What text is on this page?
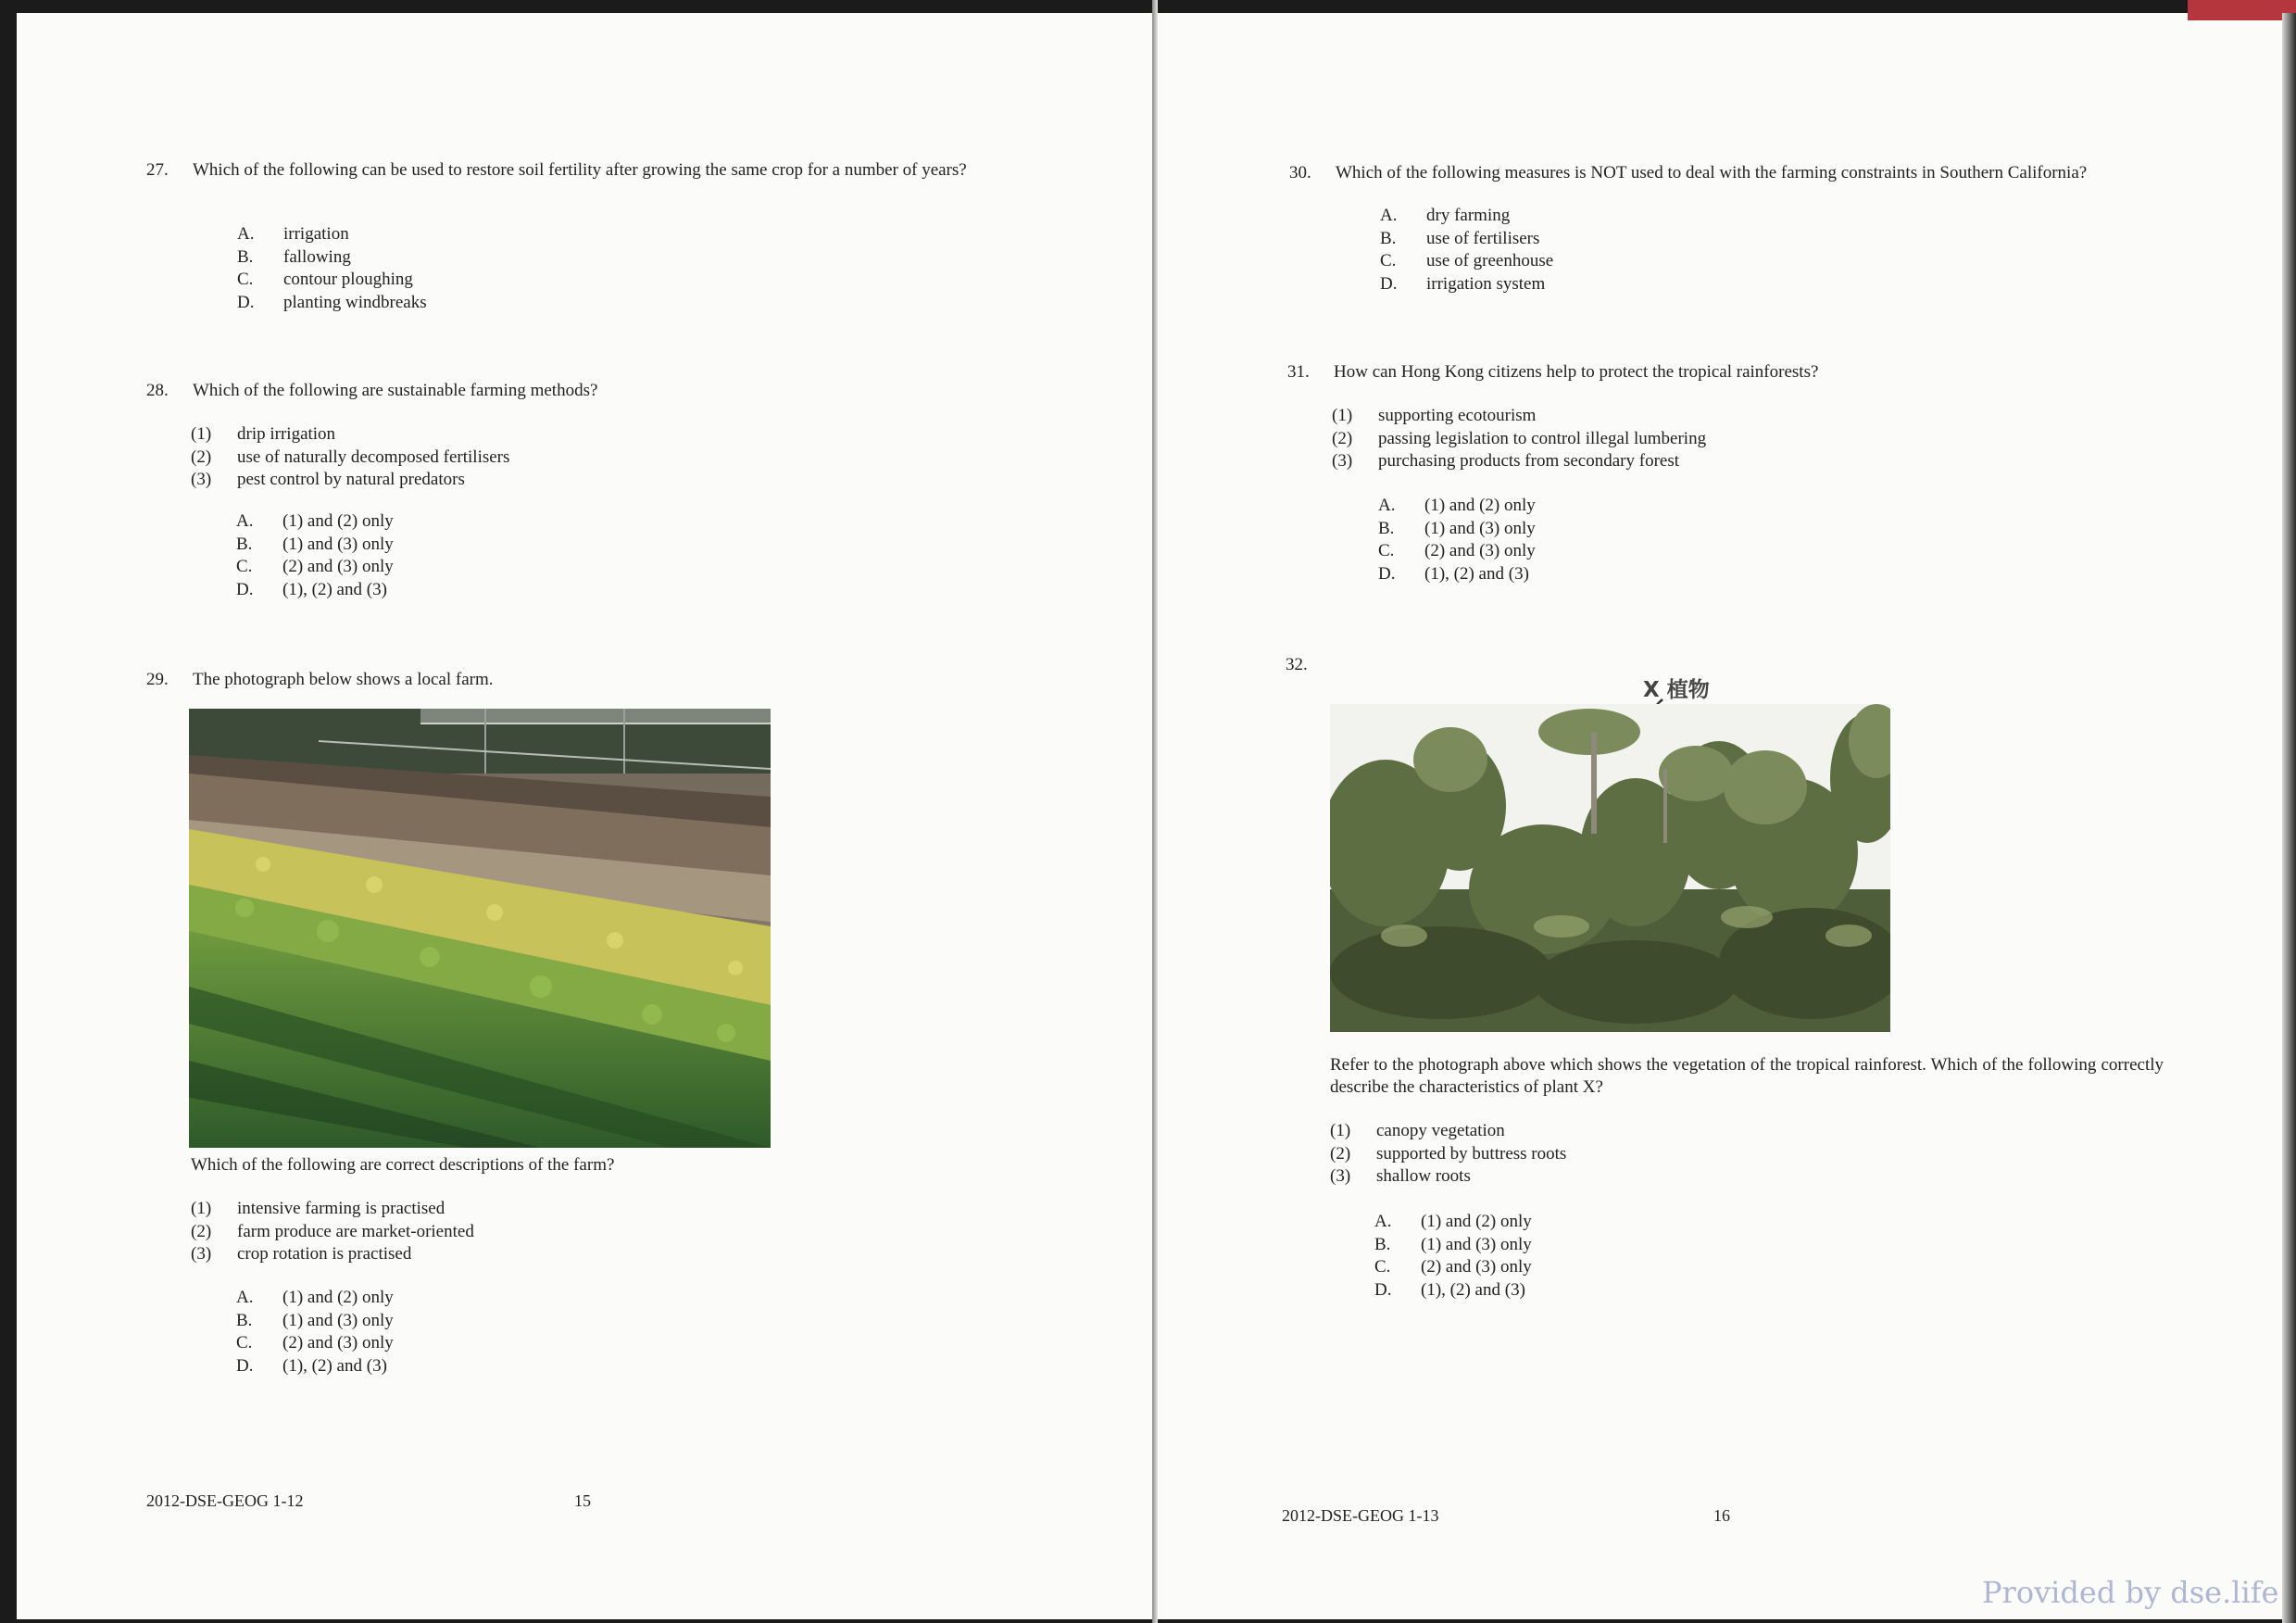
27.	Which of the following can be used to restore soil fertility after growing the same crop for a number of years?
A. irrigation
B. fallowing
C. contour ploughing
D. planting windbreaks
28.	Which of the following are sustainable farming methods?
(1) drip irrigation
(2) use of naturally decomposed fertilisers
(3) pest control by natural predators
A. (1) and (2) only
B. (1) and (3) only
C. (2) and (3) only
D. (1), (2) and (3)
29.	The photograph below shows a local farm.
Which of the following are correct descriptions of the farm?
(1) intensive farming is practised
(2) farm produce are market-oriented
(3) crop rotation is practised
A. (1) and (2) only
B. (1) and (3) only
C. (2) and (3) only
D. (1), (2) and (3)
2012-DSE-GEOG 1-12	15
30.	Which of the following measures is NOT used to deal with the farming constraints in Southern California?
A. dry farming
B. use of fertilisers
C. use of greenhouse
D. irrigation system
31.	How can Hong Kong citizens help to protect the tropical rainforests?
(1) supporting ecotourism
(2) passing legislation to control illegal lumbering
(3) purchasing products from secondary forest
A. (1) and (2) only
B. (1) and (3) only
C. (2) and (3) only
D. (1), (2) and (3)
32.
X 植物
Refer to the photograph above which shows the vegetation of the tropical rainforest. Which of the following correctly describe the characteristics of plant X?
(1) canopy vegetation
(2) supported by buttress roots
(3) shallow roots
A. (1) and (2) only
B. (1) and (3) only
C. (2) and (3) only
D. (1), (2) and (3)
2012-DSE-GEOG 1-13	16
Provided by dse.life
